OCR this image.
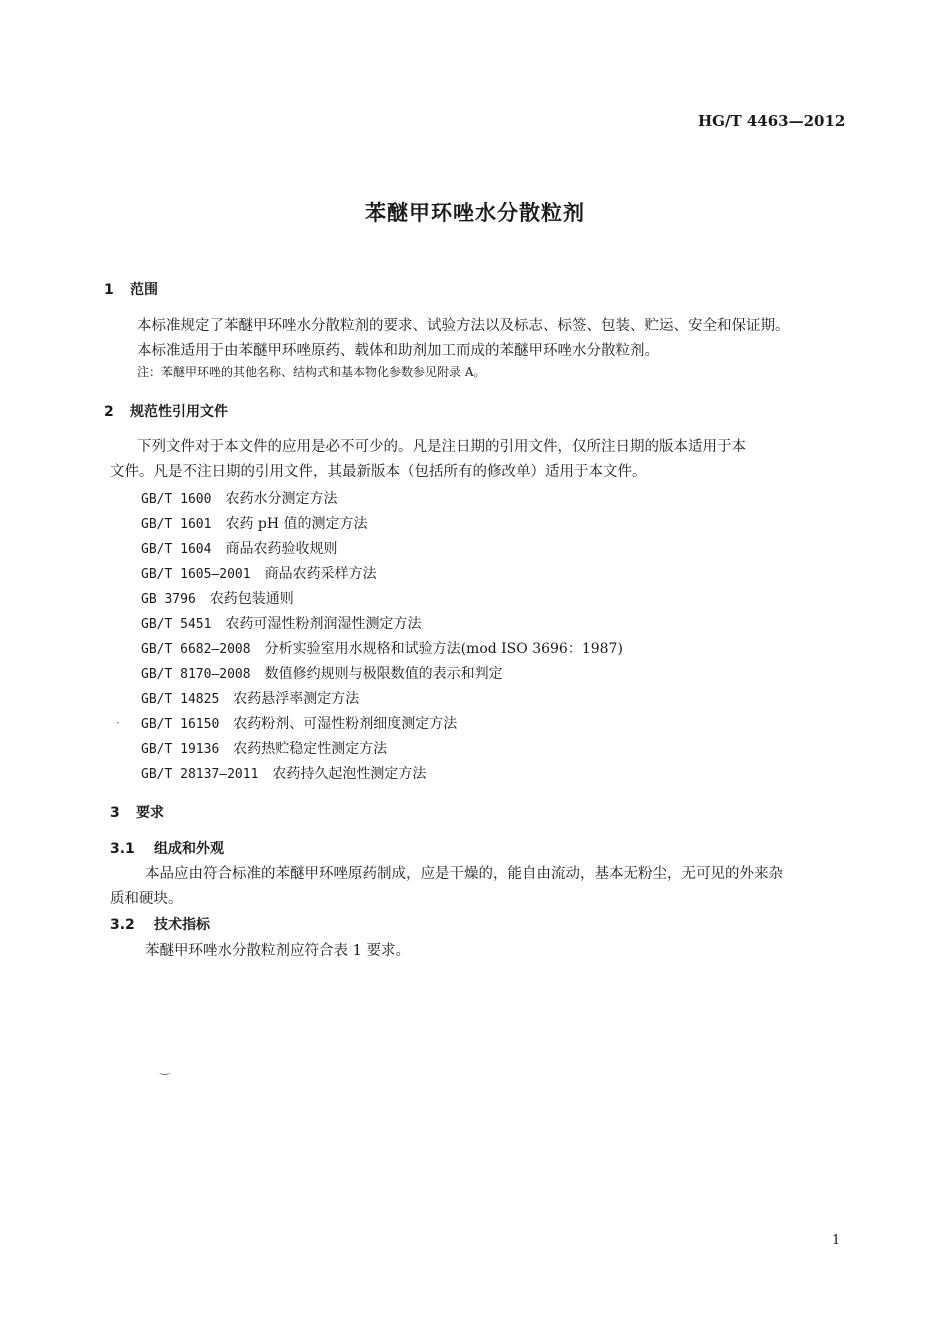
HG/T 4463—2012
苯醚甲环唑水分散粒剂
1 范围
本标准规定了苯醚甲环唑水分散粒剂的要求、试验方法以及标志、标签、包装、贮运、安全和保证期。
本标准适用于由苯醚甲环唑原药、载体和助剂加工而成的苯醚甲环唑水分散粒剂。
注：苯醚甲环唑的其他名称、结构式和基本物化参数参见附录 A。
2 规范性引用文件
下列文件对于本文件的应用是必不可少的。凡是注日期的引用文件，仅所注日期的版本适用于本
文件。凡是不注日期的引用文件，其最新版本（包括所有的修改单）适用于本文件。
GB/T 1600 农药水分测定方法
GB/T 1601 农药 pH 值的测定方法
GB/T 1604 商品农药验收规则
GB/T 1605—2001 商品农药采样方法
GB 3796 农药包装通则
GB/T 5451 农药可湿性粉剂润湿性测定方法
GB/T 6682—2008 分析实验室用水规格和试验方法(mod ISO 3696：1987)
GB/T 8170—2008 数值修约规则与极限数值的表示和判定
GB/T 14825 农药悬浮率测定方法
GB/T 16150 农药粉剂、可湿性粉剂细度测定方法
GB/T 19136 农药热贮稳定性测定方法
GB/T 28137—2011 农药持久起泡性测定方法
3 要求
3.1 组成和外观
本品应由符合标准的苯醚甲环唑原药制成，应是干燥的，能自由流动，基本无粉尘，无可见的外来杂
质和硬块。
3.2 技术指标
苯醚甲环唑水分散粒剂应符合表 1 要求。
‿
·
1
